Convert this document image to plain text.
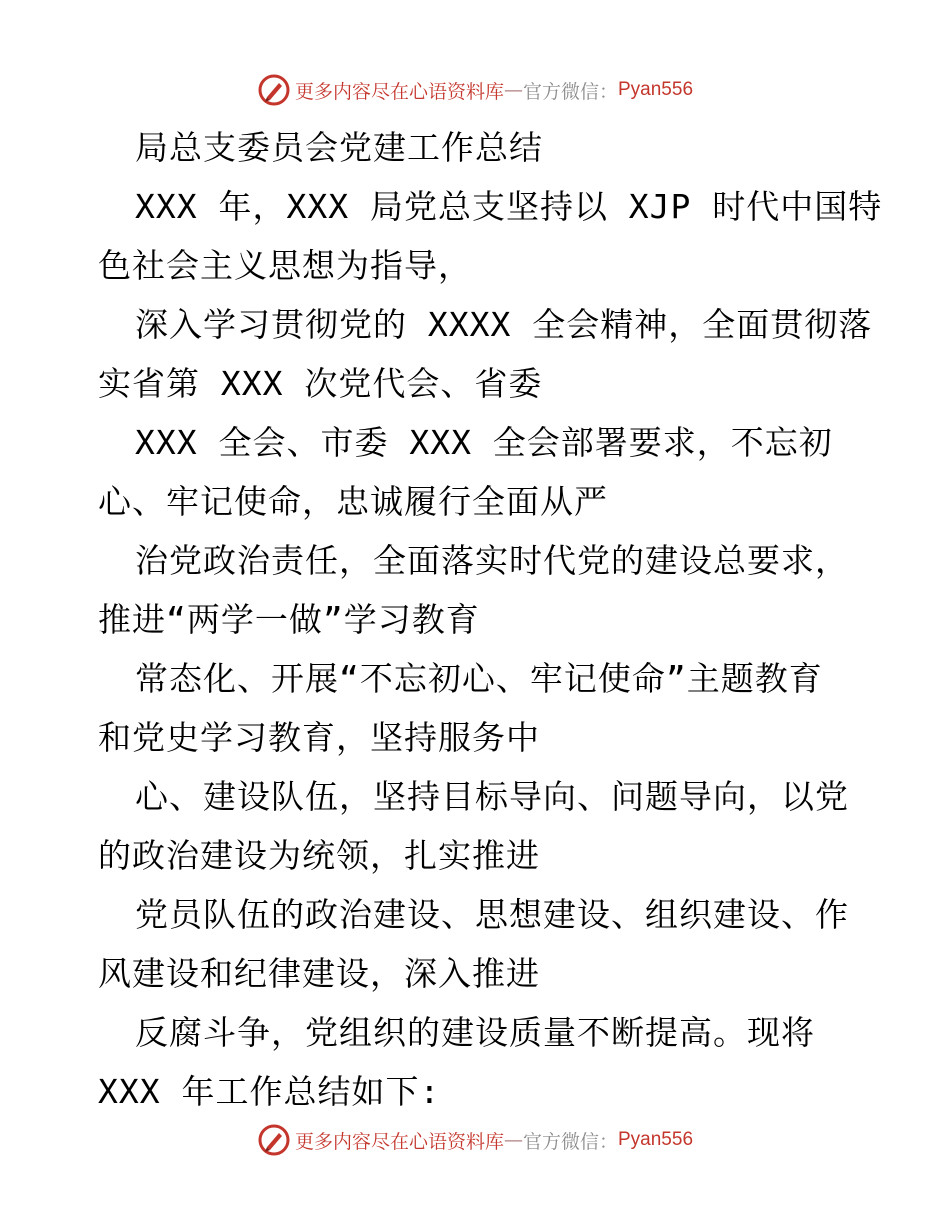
更多内容尽在心语资料库 — 官方微信： Pyan556
局总支委员会党建工作总结
XXX 年，XXX 局党总支坚持以 XJP 时代中国特
色社会主义思想为指导，
深入学习贯彻党的 XXXX 全会精神，全面贯彻落
实省第 XXX 次党代会、省委
XXX 全会、市委 XXX 全会部署要求，不忘初
心、牢记使命，忠诚履行全面从严
治党政治责任，全面落实时代党的建设总要求，
推进“两学一做”学习教育
常态化、开展“不忘初心、牢记使命”主题教育
和党史学习教育，坚持服务中
心、建设队伍，坚持目标导向、问题导向，以党
的政治建设为统领，扎实推进
党员队伍的政治建设、思想建设、组织建设、作
风建设和纪律建设，深入推进
反腐斗争，党组织的建设质量不断提高。现将
XXX 年工作总结如下:
更多内容尽在心语资料库 — 官方微信： Pyan556
